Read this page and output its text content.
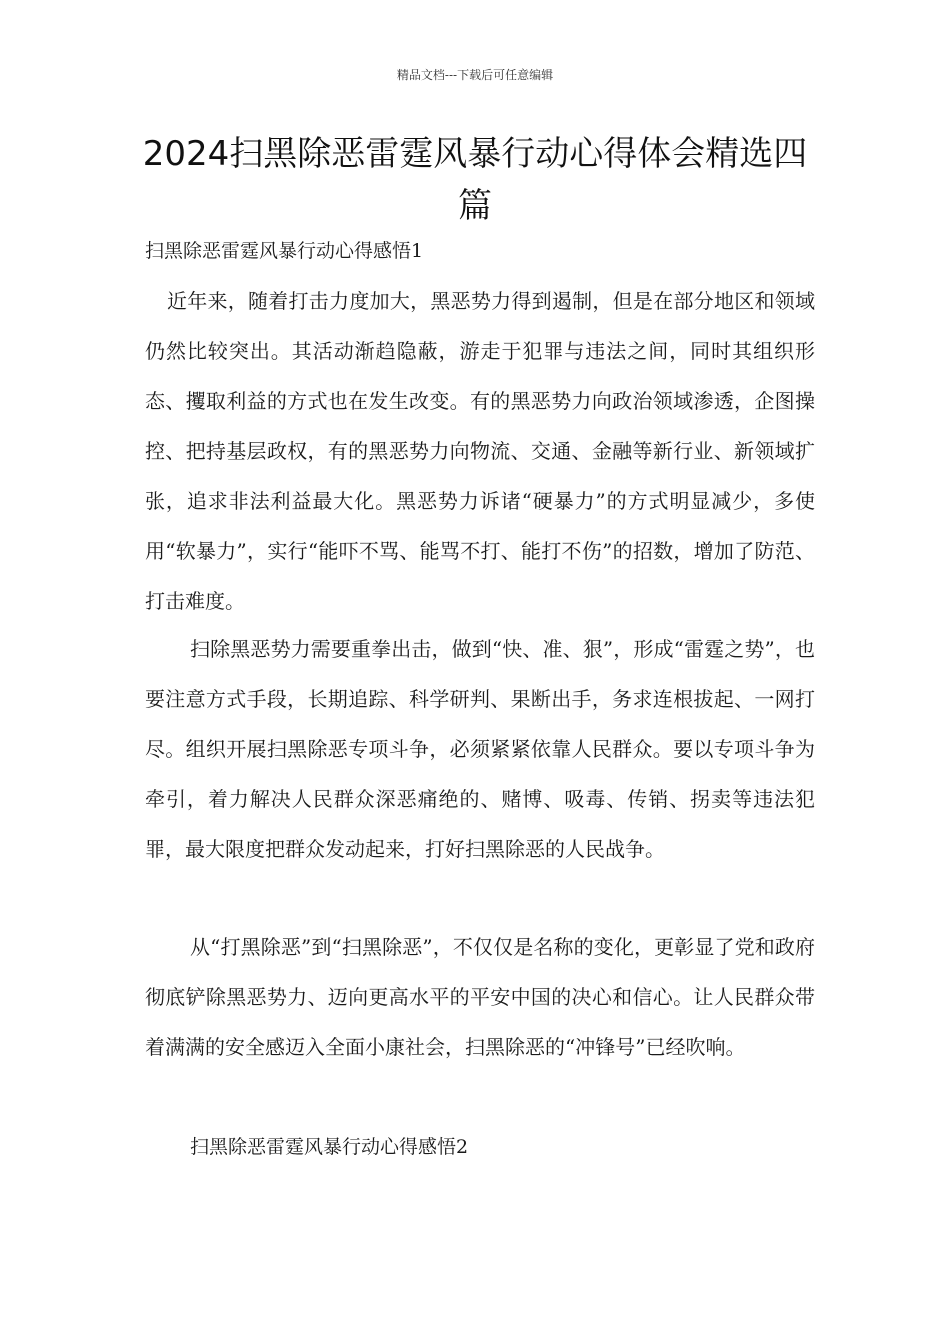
精品文档---下载后可任意编辑
2024扫黑除恶雷霆风暴行动心得体会精选四篇
扫黑除恶雷霆风暴行动心得感悟1

近年来，随着打击力度加大，黑恶势力得到遏制，但是在部分地区和领域仍然比较突出。其活动渐趋隐蔽，游走于犯罪与违法之间，同时其组织形态、攫取利益的方式也在发生改变。有的黑恶势力向政治领域渗透，企图操控、把持基层政权，有的黑恶势力向物流、交通、金融等新行业、新领域扩张，追求非法利益最大化。黑恶势力诉诸“硬暴力”的方式明显减少，多使用“软暴力”，实行“能吓不骂、能骂不打、能打不伤”的招数，增加了防范、打击难度。

扫除黑恶势力需要重拳出击，做到“快、准、狠”，形成“雷霆之势”，也要注意方式手段，长期追踪、科学研判、果断出手，务求连根拔起、一网打尽。组织开展扫黑除恶专项斗争，必须紧紧依靠人民群众。要以专项斗争为牵引，着力解决人民群众深恶痛绝的、赌博、吸毒、传销、拐卖等违法犯罪，最大限度把群众发动起来，打好扫黑除恶的人民战争。

从“打黑除恶”到“扫黑除恶”，不仅仅是名称的变化，更彰显了党和政府彻底铲除黑恶势力、迈向更高水平的平安中国的决心和信心。让人民群众带着满满的安全感迈入全面小康社会，扫黑除恶的“冲锋号”已经吹响。

扫黑除恶雷霆风暴行动心得感悟2
